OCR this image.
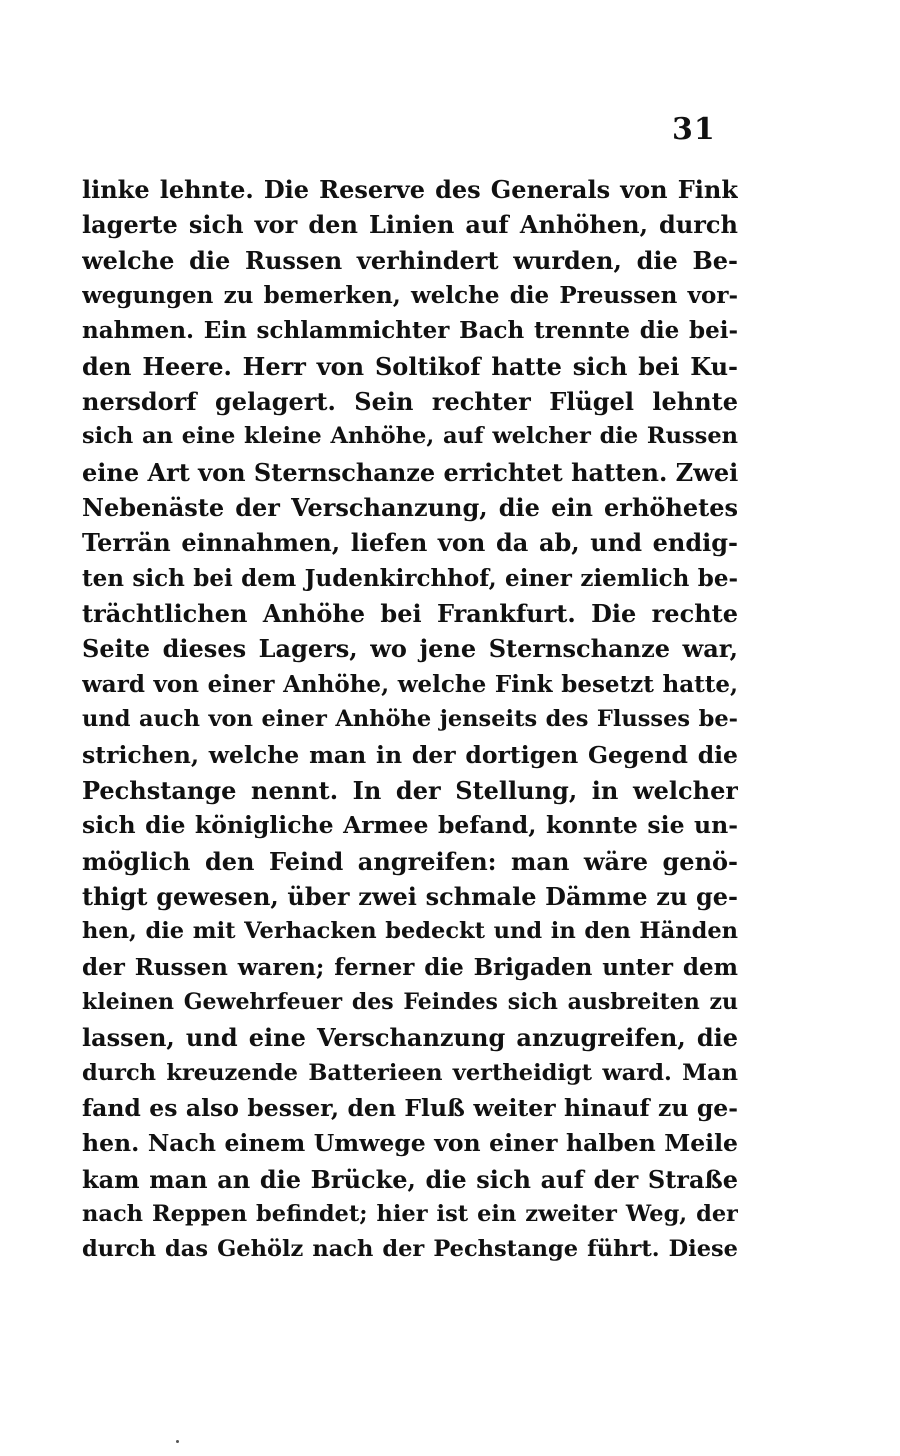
31
linke lehnte. Die Reserve des Generals von Fink
lagerte sich vor den Linien auf Anhöhen, durch
welche die Russen verhindert wurden, die Be-
wegungen zu bemerken, welche die Preussen vor-
nahmen. Ein schlammichter Bach trennte die bei-
den Heere. Herr von Soltikof hatte sich bei Ku-
nersdorf gelagert. Sein rechter Flügel lehnte
sich an eine kleine Anhöhe, auf welcher die Russen
eine Art von Sternschanze errichtet hatten. Zwei
Nebenäste der Verschanzung, die ein erhöhetes
Terrän einnahmen, liefen von da ab, und endig-
ten sich bei dem Judenkirchhof, einer ziemlich be-
trächtlichen Anhöhe bei Frankfurt. Die rechte
Seite dieses Lagers, wo jene Sternschanze war,
ward von einer Anhöhe, welche Fink besetzt hatte,
und auch von einer Anhöhe jenseits des Flusses be-
strichen, welche man in der dortigen Gegend die
Pechstange nennt. In der Stellung, in welcher
sich die königliche Armee befand, konnte sie un-
möglich den Feind angreifen: man wäre genö-
thigt gewesen, über zwei schmale Dämme zu ge-
hen, die mit Verhacken bedeckt und in den Händen
der Russen waren; ferner die Brigaden unter dem
kleinen Gewehrfeuer des Feindes sich ausbreiten zu
lassen, und eine Verschanzung anzugreifen, die
durch kreuzende Batterieen vertheidigt ward. Man
fand es also besser, den Fluß weiter hinauf zu ge-
hen. Nach einem Umwege von einer halben Meile
kam man an die Brücke, die sich auf der Straße
nach Reppen befindet; hier ist ein zweiter Weg, der
durch das Gehölz nach der Pechstange führt. Diese
